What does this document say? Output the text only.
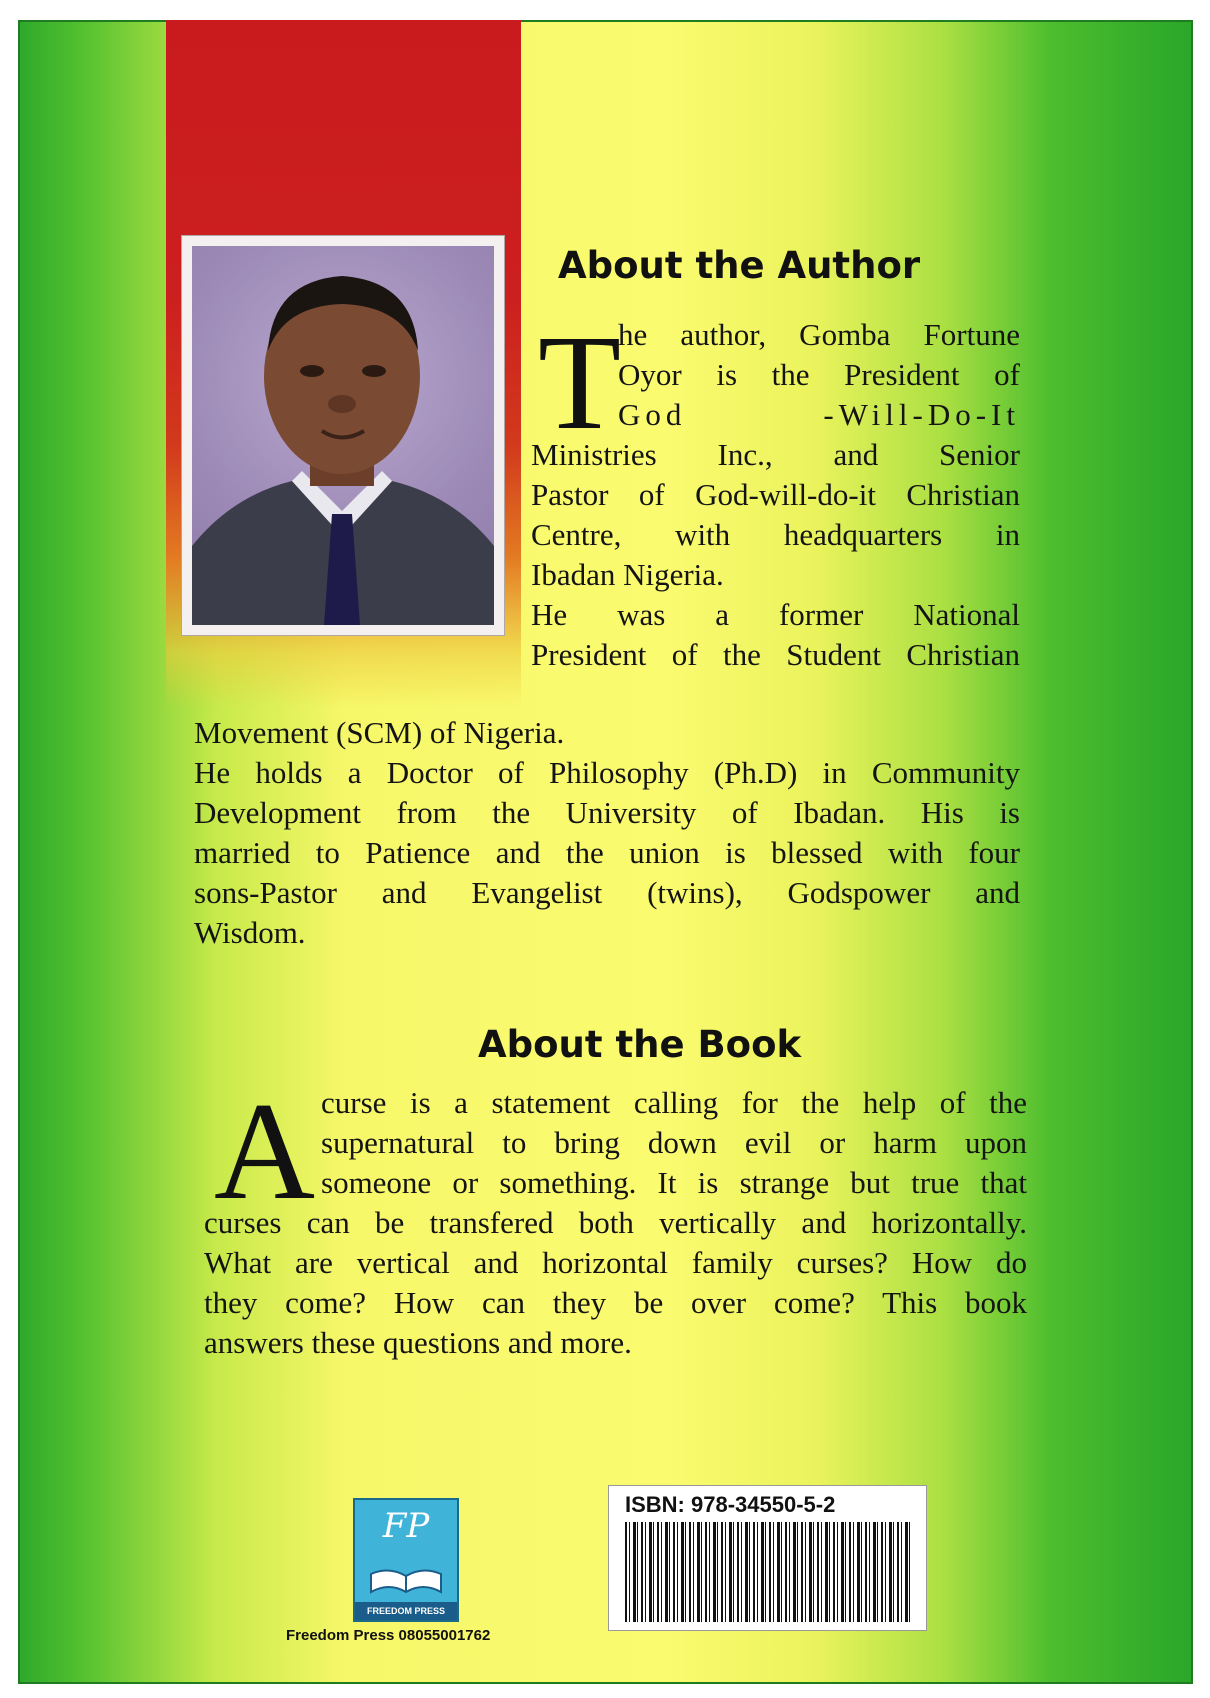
About the Author
T

he author, Gomba Fortune

Oyor is the President of

God -Will-Do-It

Ministries Inc., and Senior

Pastor of God-will-do-it Christian

Centre, with headquarters in

Ibadan Nigeria.

He was a former National

President of the Student Christian

Movement (SCM) of Nigeria.

He holds a Doctor of Philosophy (Ph.D) in Community

Development from the University of Ibadan. His is

married to Patience and the union is blessed with four

sons-Pastor and Evangelist (twins), Godspower and

Wisdom.

About the Book
A curse is a statement calling for the help of the

supernatural to bring down evil or harm upon

someone or something. It is strange but true that

curses can be transfered both vertically and horizontally.

What are vertical and horizontal family curses? How do

they come? How can they be over come? This book

answers these questions and more.

FP
FREEDOM PRESS
Freedom Press 08055001762
ISBN: 978-34550-5-2
